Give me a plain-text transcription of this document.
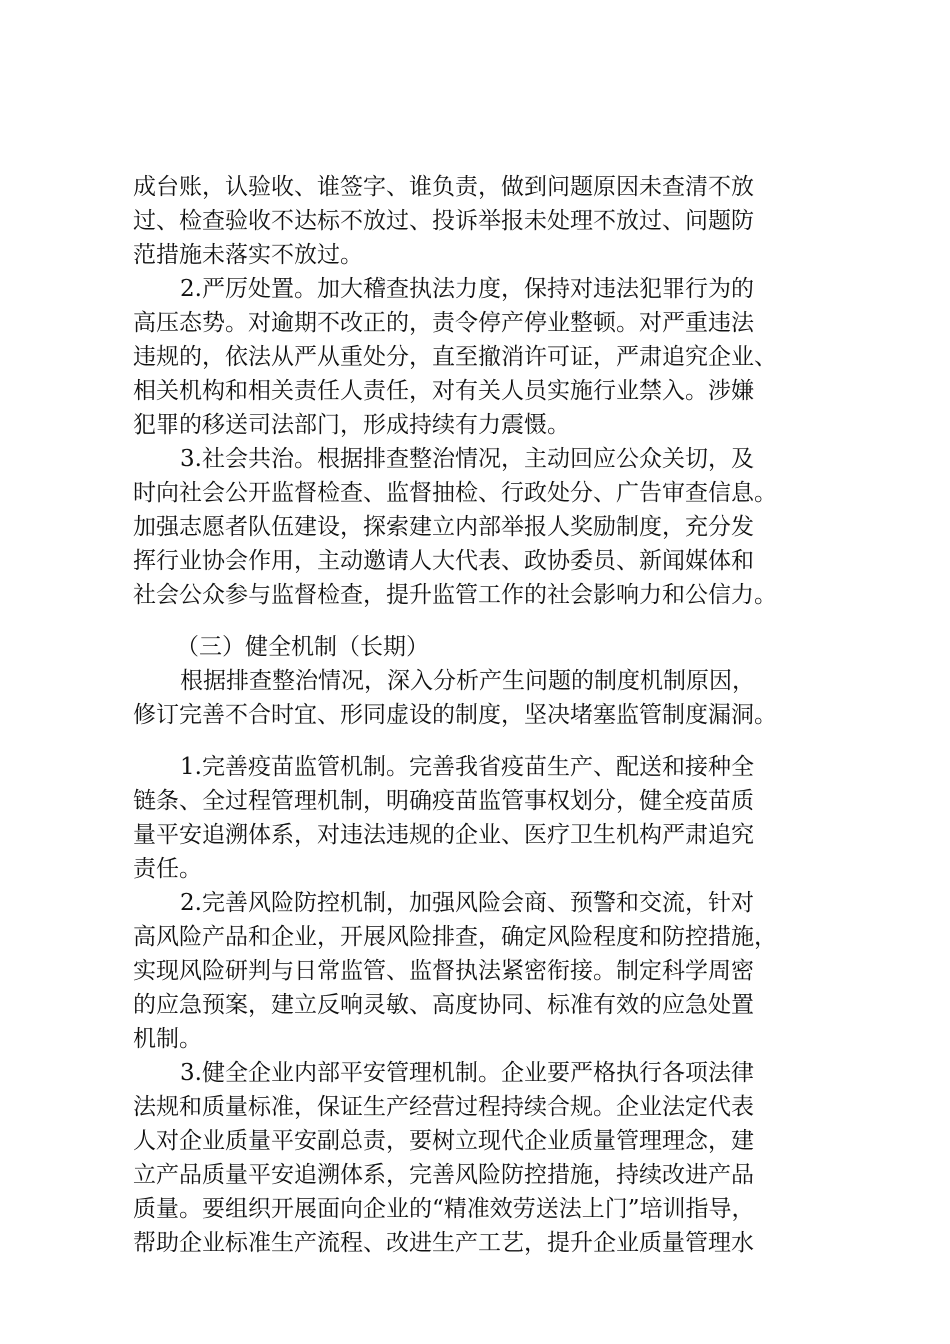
成台账，认验收、谁签字、谁负责，做到问题原因未查清不放
过、检查验收不达标不放过、投诉举报未处理不放过、问题防
范措施未落实不放过。
2.严厉处置。加大稽查执法力度，保持对违法犯罪行为的
高压态势。对逾期不改正的，责令停产停业整顿。对严重违法
违规的，依法从严从重处分，直至撤消许可证，严肃追究企业、
相关机构和相关责任人责任，对有关人员实施行业禁入。涉嫌
犯罪的移送司法部门，形成持续有力震慑。
3.社会共治。根据排查整治情况，主动回应公众关切，及
时向社会公开监督检查、监督抽检、行政处分、广告审查信息。
加强志愿者队伍建设，探索建立内部举报人奖励制度，充分发
挥行业协会作用，主动邀请人大代表、政协委员、新闻媒体和
社会公众参与监督检查，提升监管工作的社会影响力和公信力。
（三）健全机制（长期）
根据排查整治情况，深入分析产生问题的制度机制原因，
修订完善不合时宜、形同虚设的制度，坚决堵塞监管制度漏洞。
1.完善疫苗监管机制。完善我省疫苗生产、配送和接种全
链条、全过程管理机制，明确疫苗监管事权划分，健全疫苗质
量平安追溯体系，对违法违规的企业、医疗卫生机构严肃追究
责任。
2.完善风险防控机制，加强风险会商、预警和交流，针对
高风险产品和企业，开展风险排查，确定风险程度和防控措施，
实现风险研判与日常监管、监督执法紧密衔接。制定科学周密
的应急预案，建立反响灵敏、高度协同、标准有效的应急处置
机制。
3.健全企业内部平安管理机制。企业要严格执行各项法律
法规和质量标准，保证生产经营过程持续合规。企业法定代表
人对企业质量平安副总责，要树立现代企业质量管理理念，建
立产品质量平安追溯体系，完善风险防控措施，持续改进产品
质量。要组织开展面向企业的“精准效劳送法上门”培训指导，
帮助企业标准生产流程、改进生产工艺，提升企业质量管理水
